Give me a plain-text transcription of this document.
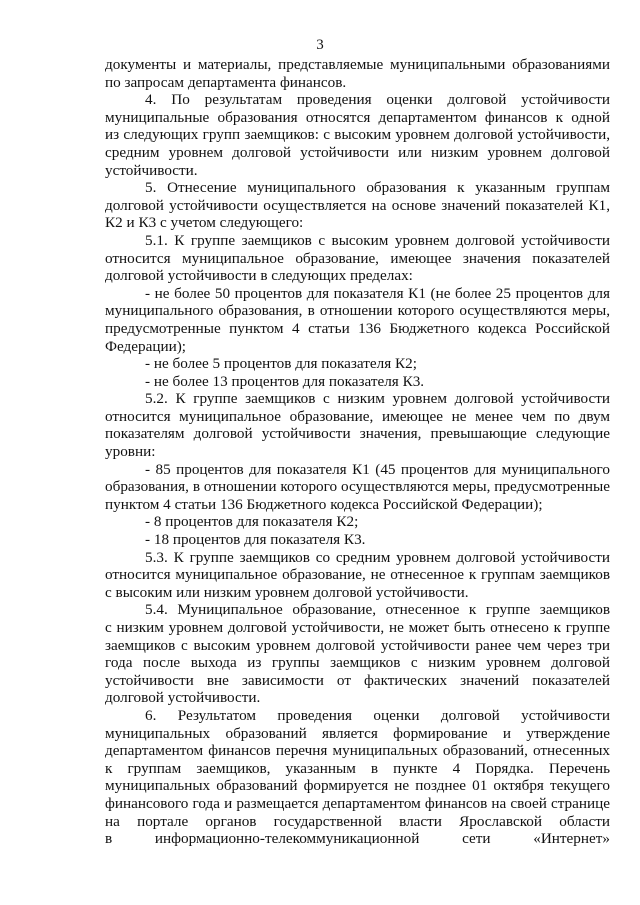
3
документы и материалы, представляемые муниципальными образованиями
по запросам департамента финансов.
4. По результатам проведения оценки долговой устойчивости
муниципальные образования относятся департаментом финансов к одной
из следующих групп заемщиков: с высоким уровнем долговой устойчивости,
средним уровнем долговой устойчивости или низким уровнем долговой
устойчивости.
5. Отнесение муниципального образования к указанным группам
долговой устойчивости осуществляется на основе значений показателей К1,
К2 и К3 с учетом следующего:
5.1. К группе заемщиков с высоким уровнем долговой устойчивости
относится муниципальное образование, имеющее значения показателей
долговой устойчивости в следующих пределах:
- не более 50 процентов для показателя К1 (не более 25 процентов для
муниципального образования, в отношении которого осуществляются меры,
предусмотренные пунктом 4 статьи 136 Бюджетного кодекса Российской
Федерации);
- не более 5 процентов для показателя К2;
- не более 13 процентов для показателя К3.
5.2. К группе заемщиков с низким уровнем долговой устойчивости
относится муниципальное образование, имеющее не менее чем по двум
показателям долговой устойчивости значения, превышающие следующие
уровни:
- 85 процентов для показателя К1 (45 процентов для муниципального
образования, в отношении которого осуществляются меры, предусмотренные
пунктом 4 статьи 136 Бюджетного кодекса Российской Федерации);
- 8 процентов для показателя К2;
- 18 процентов для показателя К3.
5.3. К группе заемщиков со средним уровнем долговой устойчивости
относится муниципальное образование, не отнесенное к группам заемщиков
с высоким или низким уровнем долговой устойчивости.
5.4. Муниципальное образование, отнесенное к группе заемщиков
с низким уровнем долговой устойчивости, не может быть отнесено к группе
заемщиков с высоким уровнем долговой устойчивости ранее чем через три
года после выхода из группы заемщиков с низким уровнем долговой
устойчивости вне зависимости от фактических значений показателей
долговой устойчивости.
6. Результатом проведения оценки долговой устойчивости
муниципальных образований является формирование и утверждение
департаментом финансов перечня муниципальных образований, отнесенных
к группам заемщиков, указанным в пункте 4 Порядка. Перечень
муниципальных образований формируется не позднее 01 октября текущего
финансового года и размещается департаментом финансов на своей странице
на портале органов государственной власти Ярославской области
в информационно-телекоммуникационной сети «Интернет»
